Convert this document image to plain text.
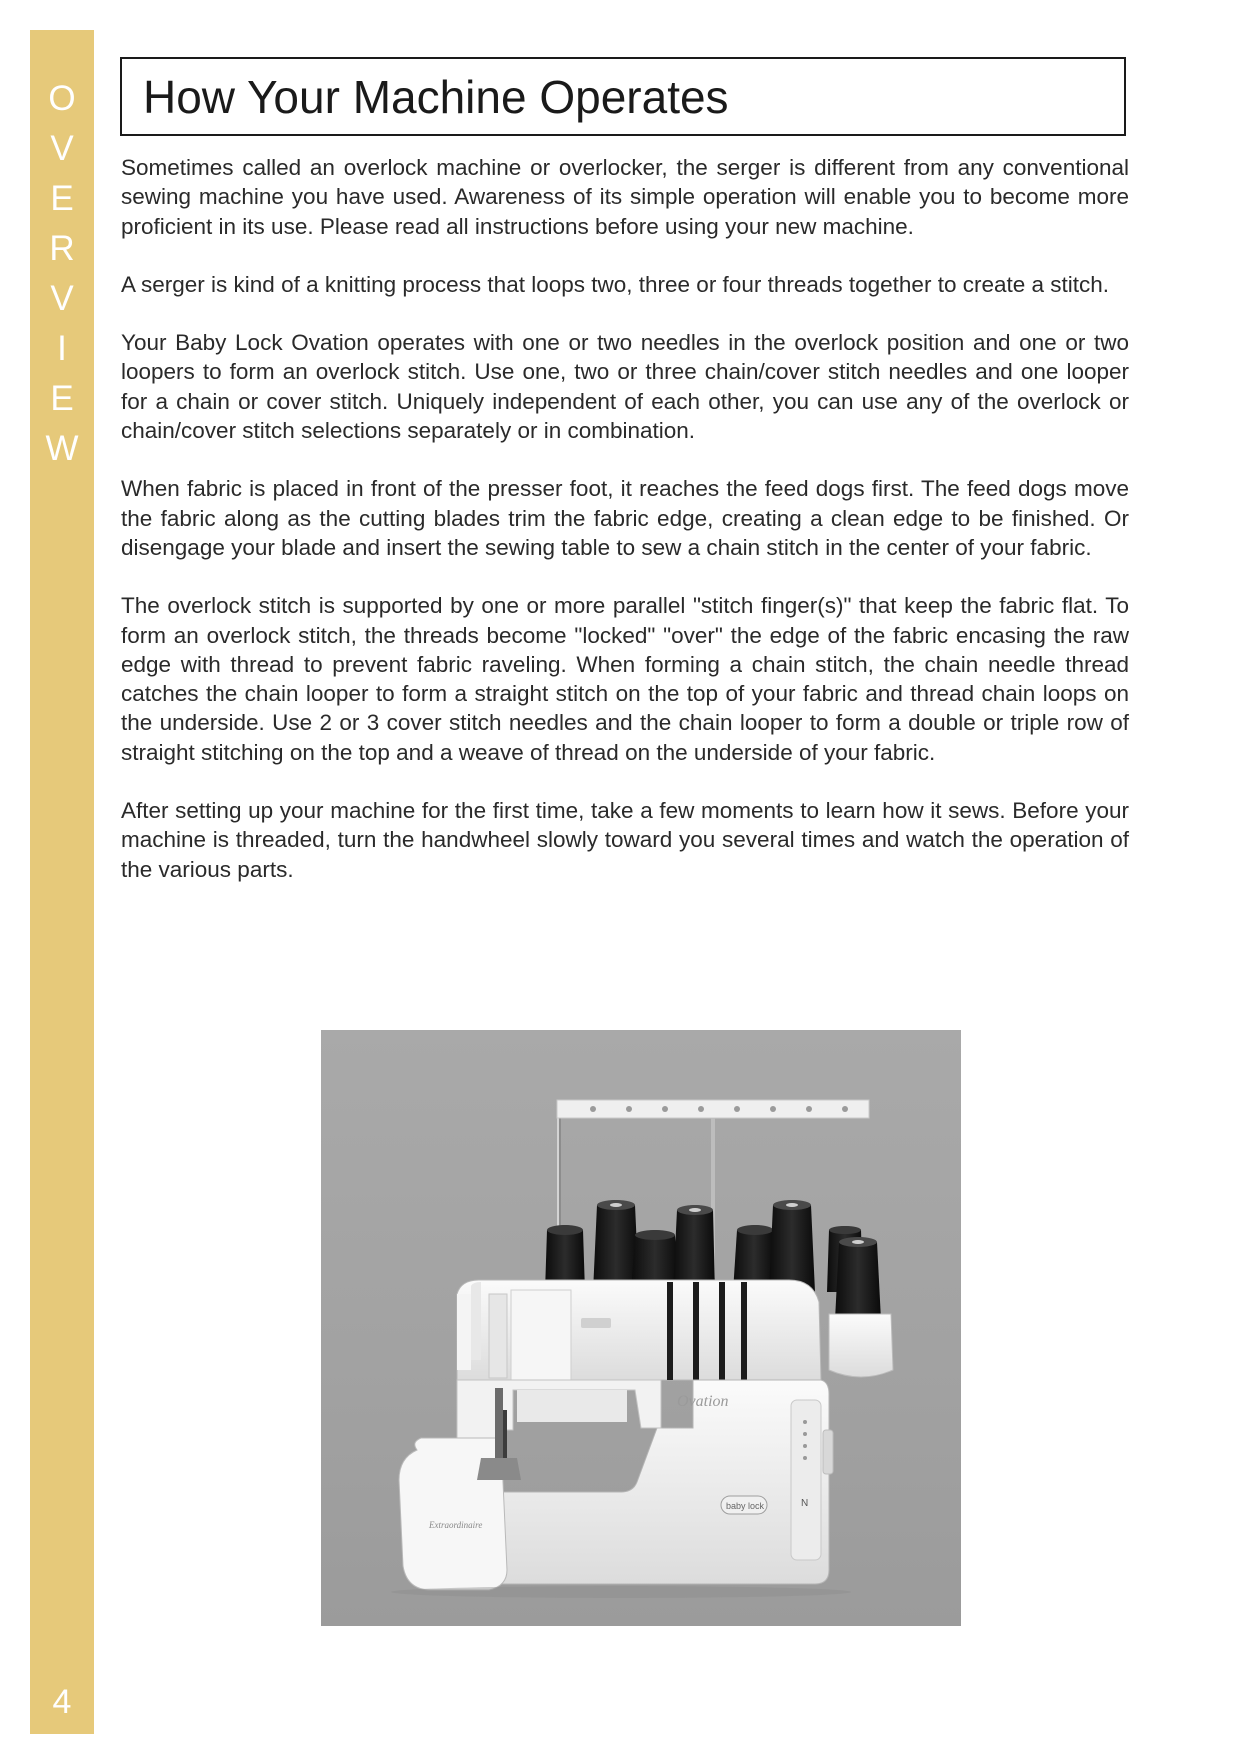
O
V
E
R
V
I
E
W
4
How Your Machine Operates

Sometimes called an overlock machine or overlocker, the serger is different from any conventional sewing machine you have used. Awareness of its simple operation will enable you to become more proficient in its use. Please read all instructions before using your new machine.

A serger is kind of a knitting process that loops two, three or four threads together to create a stitch.

Your Baby Lock Ovation operates with one or two needles in the overlock position and one or two loopers to form an overlock stitch. Use one, two or three chain/cover stitch needles and one looper for a chain or cover stitch. Uniquely independent of each other, you can use any of the overlock or chain/cover stitch selections separately or in combination.

When fabric is placed in front of the presser foot, it reaches the feed dogs first. The feed dogs move the fabric along as the cutting blades trim the fabric edge, creating a clean edge to be finished. Or disengage your blade and insert the sewing table to sew a chain stitch in the center of your fabric.

The overlock stitch is supported by one or more parallel "stitch finger(s)" that keep the fabric flat. To form an overlock stitch, the threads become "locked" "over" the edge of the fabric encasing the raw edge with thread to prevent fabric raveling. When forming a chain stitch, the chain needle thread catches the chain looper to form a straight stitch on the top of your fabric and thread chain loops on the underside. Use 2 or 3 cover stitch needles and the chain looper to form a double or triple row of straight stitching on the top and a weave of thread on the underside of your fabric.

After setting up your machine for the first time, take a few moments to learn how it sews. Before your machine is threaded, turn the handwheel slowly toward you several times and watch the operation of the various parts.

Extraordinaire
N
Ovation
baby lock
